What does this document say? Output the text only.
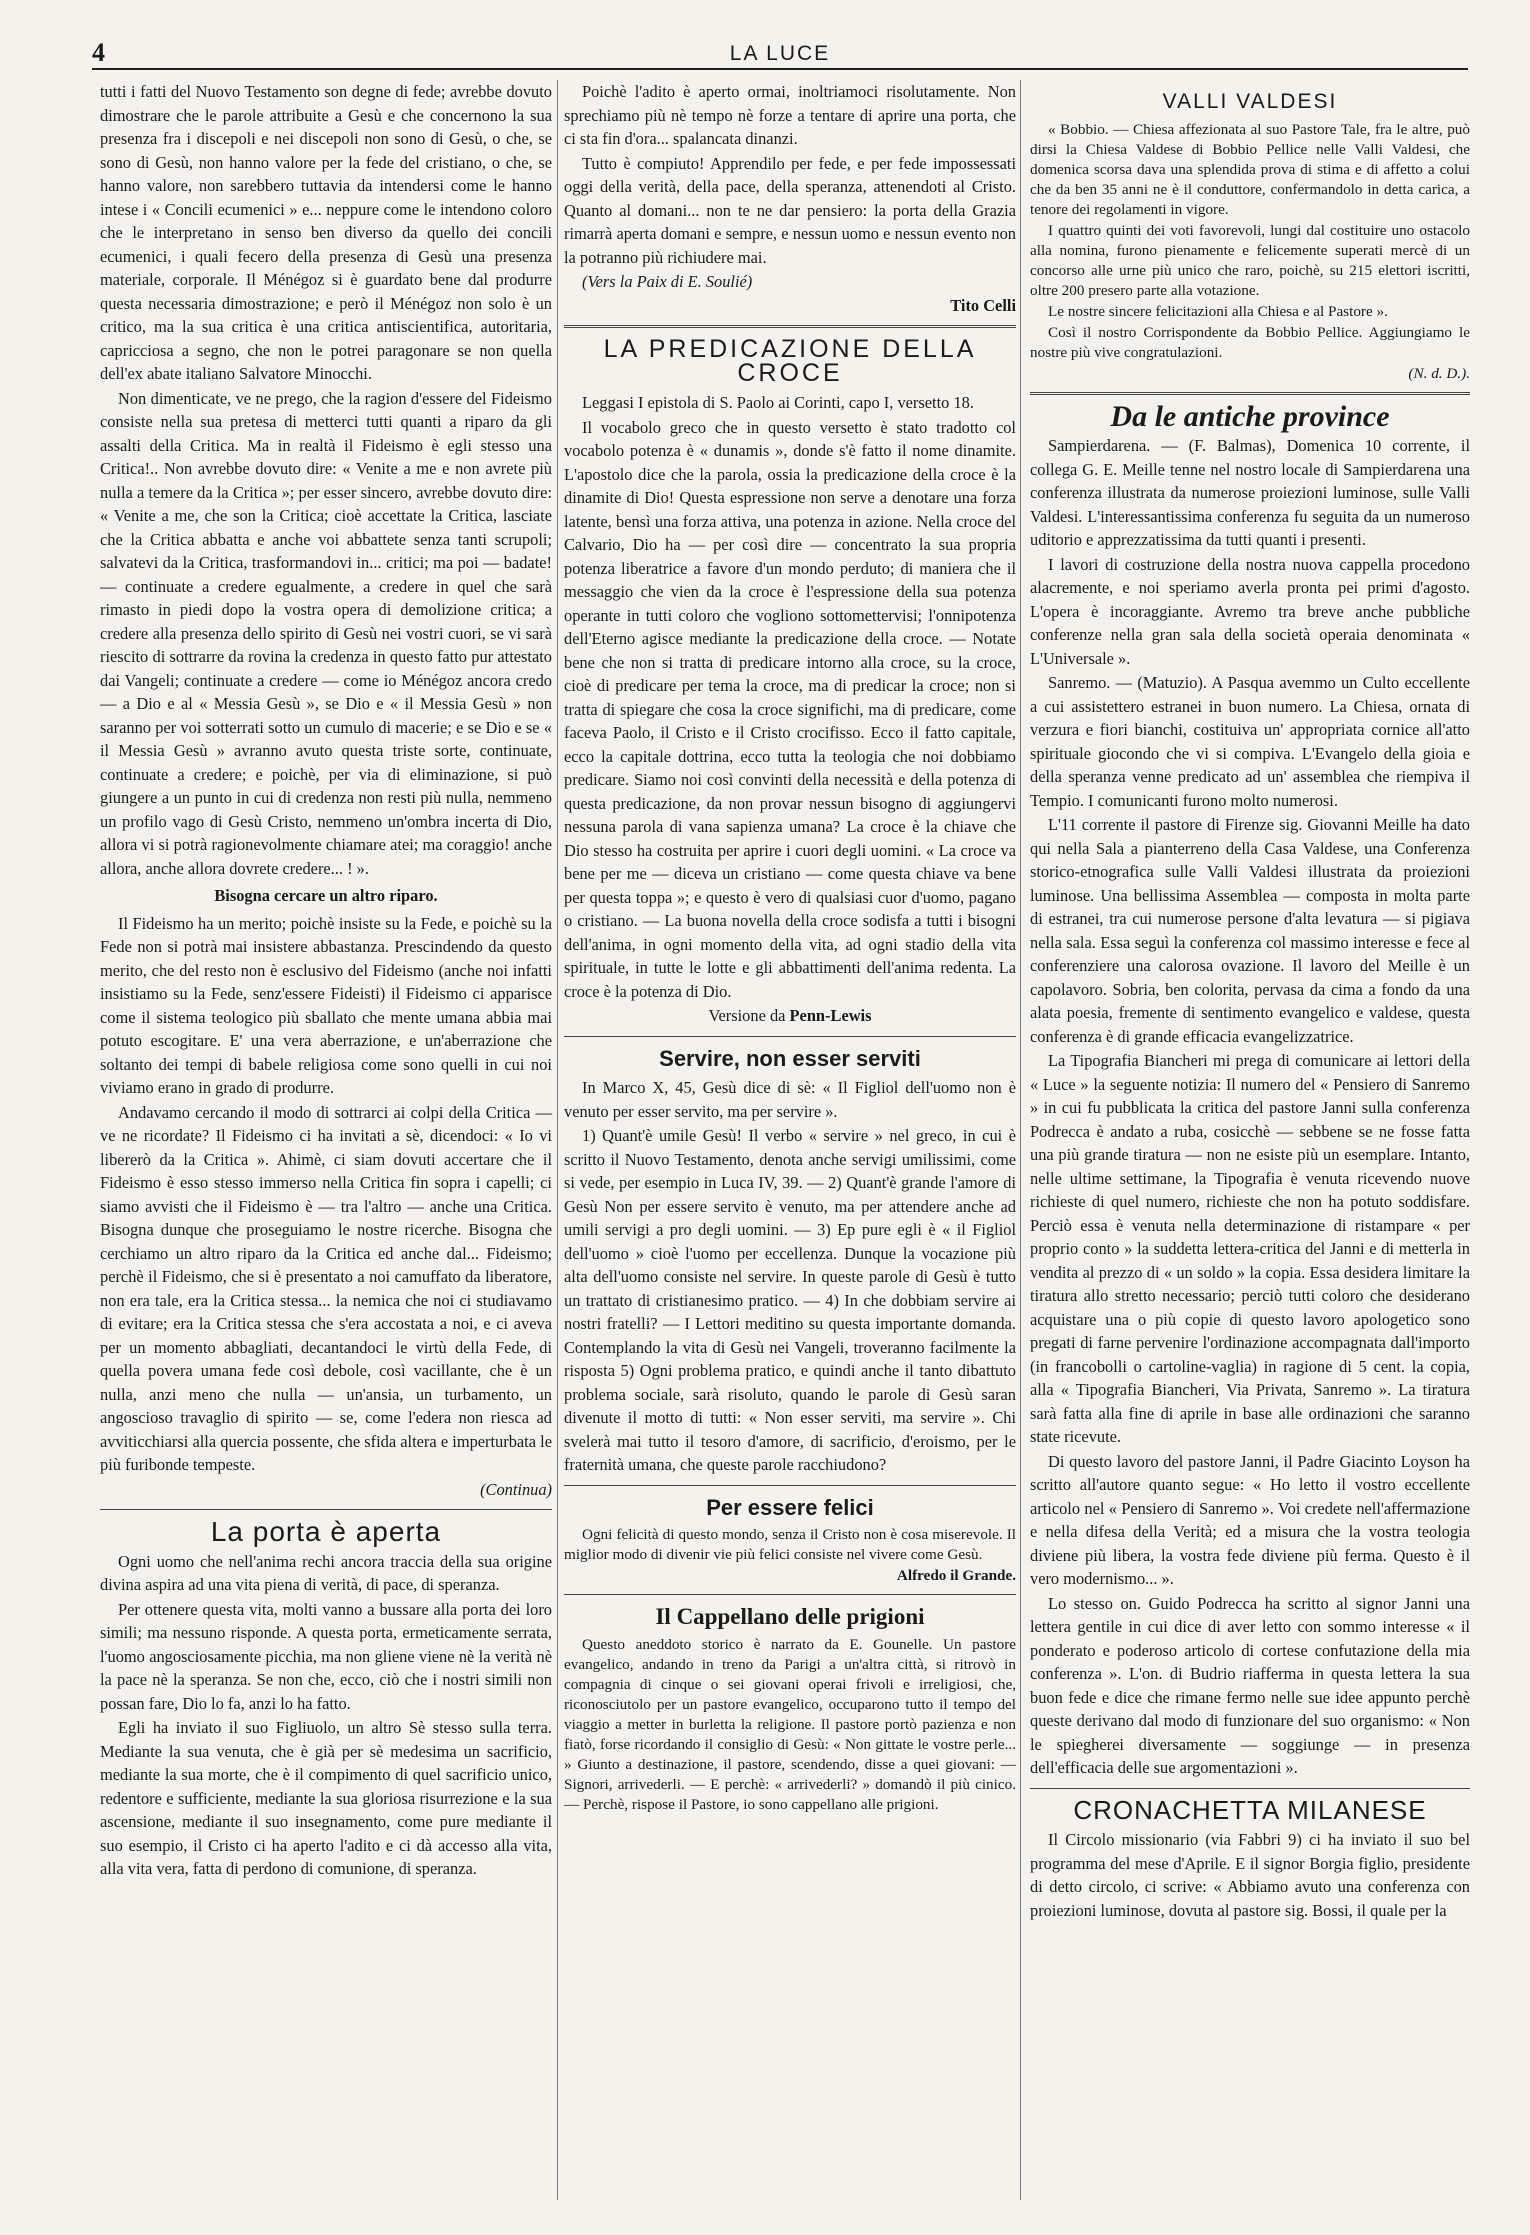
4	LA LUCE

tutti i fatti del Nuovo Testamento son degne di fede; avrebbe dovuto dimostrare che le parole attribuite a Gesù e che concernono la sua presenza fra i discepoli e nei discepoli non sono di Gesù, o che, se sono di Gesù, non hanno valore per la fede del cristiano, o che, se hanno valore, non sarebbero tuttavia da intendersi come le hanno intese i « Concili ecumenici » e... neppure come le intendono coloro che le interpretano in senso ben diverso da quello dei concili ecumenici, i quali fecero della presenza di Gesù una presenza materiale, corporale. Il Ménégoz si è guardato bene dal produrre questa necessaria dimostrazione; e però il Ménégoz non solo è un critico, ma la sua critica è una critica antiscientifica, autoritaria, capricciosa a segno, che non le potrei paragonare se non quella dell'ex abate italiano Salvatore Minocchi.

Non dimenticate, ve ne prego, che la ragion d'essere del Fideismo consiste nella sua pretesa di metterci tutti quanti a riparo da gli assalti della Critica. Ma in realtà il Fideismo è egli stesso una Critica!.. Non avrebbe dovuto dire: « Venite a me e non avrete più nulla a temere da la Critica »; per esser sincero, avrebbe dovuto dire: « Venite a me, che son la Critica; cioè accettate la Critica, lasciate che la Critica abbatta e anche voi abbattete senza tanti scrupoli; salvatevi da la Critica, trasformandovi in... critici; ma poi — badate! — continuate a credere egualmente, a credere in quel che sarà rimasto in piedi dopo la vostra opera di demolizione critica; a credere alla presenza dello spirito di Gesù nei vostri cuori, se vi sarà riescito di sottrarre da rovina la credenza in questo fatto pur attestato dai Vangeli; continuate a credere — come io Ménégoz ancora credo — a Dio e al « Messia Gesù », se Dio e « il Messia Gesù » non saranno per voi sotterrati sotto un cumulo di macerie; e se Dio e se « il Messia Gesù » avranno avuto questa triste sorte, continuate, continuate a credere; e poichè, per via di eliminazione, si può giungere a un punto in cui di credenza non resti più nulla, nemmeno un profilo vago di Gesù Cristo, nemmeno un'ombra incerta di Dio, allora vi si potrà ragionevolmente chiamare atei; ma coraggio! anche allora, anche allora dovrete credere... ! ».

Bisogna cercare un altro riparo.

Il Fideismo ha un merito; poichè insiste su la Fede, e poichè su la Fede non si potrà mai insistere abbastanza. Prescindendo da questo merito, che del resto non è esclusivo del Fideismo (anche noi infatti insistiamo su la Fede, senz'essere Fideisti) il Fideismo ci apparisce come il sistema teologico più sballato che mente umana abbia mai potuto escogitare. E' una vera aberrazione, e un'aberrazione che soltanto dei tempi di babele religiosa come sono quelli in cui noi viviamo erano in grado di produrre.

Andavamo cercando il modo di sottrarci ai colpi della Critica — ve ne ricordate? Il Fideismo ci ha invitati a sè, dicendoci: « Io vi libererò da la Critica ». Ahimè, ci siam dovuti accertare che il Fideismo è esso stesso immerso nella Critica fin sopra i capelli; ci siamo avvisti che il Fideismo è — tra l'altro — anche una Critica. Bisogna dunque che proseguiamo le nostre ricerche. Bisogna che cerchiamo un altro riparo da la Critica ed anche dal... Fideismo; perchè il Fideismo, che si è presentato a noi camuffato da liberatore, non era tale, era la Critica stessa... la nemica che noi ci studiavamo di evitare; era la Critica stessa che s'era accostata a noi, e ci aveva per un momento abbagliati, decantandoci le virtù della Fede, di quella povera umana fede così debole, così vacillante, che è un nulla, anzi meno che nulla — un'ansia, un turbamento, un angoscioso travaglio di spirito — se, come l'edera non riesca ad avviticchiarsi alla quercia possente, che sfida altera e imperturbata le più furibonde tempeste.

(Continua)
La porta è aperta

Ogni uomo che nell'anima rechi ancora traccia della sua origine divina aspira ad una vita piena di verità, di pace, di speranza.

Per ottenere questa vita, molti vanno a bussare alla porta dei loro simili; ma nessuno risponde. A questa porta, ermeticamente serrata, l'uomo angosciosamente picchia, ma non gliene viene nè la verità nè la pace nè la speranza. Se non che, ecco, ciò che i nostri simili non possan fare, Dio lo fa, anzi lo ha fatto.

Egli ha inviato il suo Figliuolo, un altro Sè stesso sulla terra. Mediante la sua venuta, che è già per sè medesima un sacrificio, mediante la sua morte, che è il compimento di quel sacrificio unico, redentore e sufficiente, mediante la sua gloriosa risurrezione e la sua ascensione, mediante il suo insegnamento, come pure mediante il suo esempio, il Cristo ci ha aperto l'adito e ci dà accesso alla vita, alla vita vera, fatta di perdono di comunione, di speranza.

Poichè l'adito è aperto ormai, inoltriamoci risolutamente. Non sprechiamo più nè tempo nè forze a tentare di aprire una porta, che ci sta fin d'ora... spalancata dinanzi.

Tutto è compiuto! Apprendilo per fede, e per fede impossessati oggi della verità, della pace, della speranza, attenendoti al Cristo. Quanto al domani... non te ne dar pensiero: la porta della Grazia rimarrà aperta domani e sempre, e nessun uomo e nessun evento non la potranno più richiudere mai.

(Vers la Paix di E. Soulié)
Tito Celli
LA PREDICAZIONE DELLA CROCE

Leggasi I epistola di S. Paolo ai Corinti, capo I, versetto 18.

Il vocabolo greco che in questo versetto è stato tradotto col vocabolo potenza è « dunamis », donde s'è fatto il nome dinamite. L'apostolo dice che la parola, ossia la predicazione della croce è la dinamite di Dio! Questa espressione non serve a denotare una forza latente, bensì una forza attiva, una potenza in azione. Nella croce del Calvario, Dio ha — per così dire — concentrato la sua propria potenza liberatrice a favore d'un mondo perduto; di maniera che il messaggio che vien da la croce è l'espressione della sua potenza operante in tutti coloro che vogliono sottomettervisi; l'onnipotenza dell'Eterno agisce mediante la predicazione della croce. — Notate bene che non si tratta di predicare intorno alla croce, su la croce, cioè di predicare per tema la croce, ma di predicar la croce; non si tratta di spiegare che cosa la croce significhi, ma di predicare, come faceva Paolo, il Cristo e il Cristo crocifisso. Ecco il fatto capitale, ecco la capitale dottrina, ecco tutta la teologia che noi dobbiamo predicare. Siamo noi così convinti della necessità e della potenza di questa predicazione, da non provar nessun bisogno di aggiungervi nessuna parola di vana sapienza umana? La croce è la chiave che Dio stesso ha costruita per aprire i cuori degli uomini. « La croce va bene per me — diceva un cristiano — come questa chiave va bene per questa toppa »; e questo è vero di qualsiasi cuor d'uomo, pagano o cristiano. — La buona novella della croce sodisfa a tutti i bisogni dell'anima, in ogni momento della vita, ad ogni stadio della vita spirituale, in tutte le lotte e gli abbattimenti dell'anima redenta. La croce è la potenza di Dio.

Versione da Penn-Lewis
Servire, non esser serviti

In Marco X, 45, Gesù dice di sè: « Il Figliol dell'uomo non è venuto per esser servito, ma per servire ».

1) Quant'è umile Gesù! Il verbo « servire » nel greco, in cui è scritto il Nuovo Testamento, denota anche servigi umilissimi, come si vede, per esempio in Luca IV, 39. — 2) Quant'è grande l'amore di Gesù Non per essere servito è venuto, ma per attendere anche ad umili servigi a pro degli uomini. — 3) Ep pure egli è « il Figliol dell'uomo » cioè l'uomo per eccellenza. Dunque la vocazione più alta dell'uomo consiste nel servire. In queste parole di Gesù è tutto un trattato di cristianesimo pratico. — 4) In che dobbiam servire ai nostri fratelli? — I Lettori meditino su questa importante domanda. Contemplando la vita di Gesù nei Vangeli, troveranno facilmente la risposta 5) Ogni problema pratico, e quindi anche il tanto dibattuto problema sociale, sarà risoluto, quando le parole di Gesù saran divenute il motto di tutti: « Non esser serviti, ma servire ». Chi svelerà mai tutto il tesoro d'amore, di sacrificio, d'eroismo, per le fraternità umana, che queste parole racchiudono?

Per essere felici

Ogni felicità di questo mondo, senza il Cristo non è cosa miserevole. Il miglior modo di divenir vie più felici consiste nel vivere come Gesù.

Alfredo il Grande.
Il Cappellano delle prigioni

Questo aneddoto storico è narrato da E. Gounelle. Un pastore evangelico, andando in treno da Parigi a un'altra città, si ritrovò in compagnia di cinque o sei giovani operai frivoli e irreligiosi, che, riconosciutolo per un pastore evangelico, occuparono tutto il tempo del viaggio a metter in burletta la religione. Il pastore portò pazienza e non fiatò, forse ricordando il consiglio di Gesù: « Non gittate le vostre perle... » Giunto a destinazione, il pastore, scendendo, disse a quei giovani: — Signori, arrivederli. — E perchè: « arrivederli? » domandò il più cinico. — Perchè, rispose il Pastore, io sono cappellano alle prigioni.

VALLI VALDESI

« Bobbio. — Chiesa affezionata al suo Pastore Tale, fra le altre, può dirsi la Chiesa Valdese di Bobbio Pellice nelle Valli Valdesi, che domenica scorsa dava una splendida prova di stima e di affetto a colui che da ben 35 anni ne è il conduttore, confermandolo in detta carica, a tenore dei regolamenti in vigore.

I quattro quinti dei voti favorevoli, lungi dal costituire uno ostacolo alla nomina, furono pienamente e felicemente superati mercè di un concorso alle urne più unico che raro, poichè, su 215 elettori iscritti, oltre 200 presero parte alla votazione.

Le nostre sincere felicitazioni alla Chiesa e al Pastore ».

Così il nostro Corrispondente da Bobbio Pellice. Aggiungiamo le nostre più vive congratulazioni.

(N. d. D.).
Da le antiche province

Sampierdarena. — (F. Balmas), Domenica 10 corrente, il collega G. E. Meille tenne nel nostro locale di Sampierdarena una conferenza illustrata da numerose proiezioni luminose, sulle Valli Valdesi. L'interessantissima conferenza fu seguita da un numeroso uditorio e apprezzatissima da tutti quanti i presenti.

I lavori di costruzione della nostra nuova cappella procedono alacremente, e noi speriamo averla pronta pei primi d'agosto. L'opera è incoraggiante. Avremo tra breve anche pubbliche conferenze nella gran sala della società operaia denominata « L'Universale ».

Sanremo. — (Matuzio). A Pasqua avemmo un Culto eccellente a cui assistettero estranei in buon numero. La Chiesa, ornata di verzura e fiori bianchi, costituiva un' appropriata cornice all'atto spirituale giocondo che vi si compiva. L'Evangelo della gioia e della speranza venne predicato ad un' assemblea che riempiva il Tempio. I comunicanti furono molto numerosi.

L'11 corrente il pastore di Firenze sig. Giovanni Meille ha dato qui nella Sala a pianterreno della Casa Valdese, una Conferenza storico-etnografica sulle Valli Valdesi illustrata da proiezioni luminose. Una bellissima Assemblea — composta in molta parte di estranei, tra cui numerose persone d'alta levatura — si pigiava nella sala. Essa seguì la conferenza col massimo interesse e fece al conferenziere una calorosa ovazione. Il lavoro del Meille è un capolavoro. Sobria, ben colorita, pervasa da cima a fondo da una alata poesia, fremente di sentimento evangelico e valdese, questa conferenza è di grande efficacia evangelizzatrice.

La Tipografia Biancheri mi prega di comunicare ai lettori della « Luce » la seguente notizia: Il numero del « Pensiero di Sanremo » in cui fu pubblicata la critica del pastore Janni sulla conferenza Podrecca è andato a ruba, cosicchè — sebbene se ne fosse fatta una più grande tiratura — non ne esiste più un esemplare. Intanto, nelle ultime settimane, la Tipografia è venuta ricevendo nuove richieste di quel numero, richieste che non ha potuto soddisfare. Perciò essa è venuta nella determinazione di ristampare « per proprio conto » la suddetta lettera-critica del Janni e di metterla in vendita al prezzo di « un soldo » la copia. Essa desidera limitare la tiratura allo stretto necessario; perciò tutti coloro che desiderano acquistare una o più copie di questo lavoro apologetico sono pregati di farne pervenire l'ordinazione accompagnata dall'importo (in francobolli o cartoline-vaglia) in ragione di 5 cent. la copia, alla « Tipografia Biancheri, Via Privata, Sanremo ». La tiratura sarà fatta alla fine di aprile in base alle ordinazioni che saranno state ricevute.

Di questo lavoro del pastore Janni, il Padre Giacinto Loyson ha scritto all'autore quanto segue: « Ho letto il vostro eccellente articolo nel « Pensiero di Sanremo ». Voi credete nell'affermazione e nella difesa della Verità; ed a misura che la vostra teologia diviene più libera, la vostra fede diviene più ferma. Questo è il vero modernismo... ».

Lo stesso on. Guido Podrecca ha scritto al signor Janni una lettera gentile in cui dice di aver letto con sommo interesse « il ponderato e poderoso articolo di cortese confutazione della mia conferenza ». L'on. di Budrio riafferma in questa lettera la sua buon fede e dice che rimane fermo nelle sue idee appunto perchè queste derivano dal modo di funzionare del suo organismo: « Non le spiegherei diversamente — soggiunge — in presenza dell'efficacia delle sue argomentazioni ».

CRONACHETTA MILANESE

Il Circolo missionario (via Fabbri 9) ci ha inviato il suo bel programma del mese d'Aprile. E il signor Borgia figlio, presidente di detto circolo, ci scrive: « Abbiamo avuto una conferenza con proiezioni luminose, dovuta al pastore sig. Bossi, il quale per la
